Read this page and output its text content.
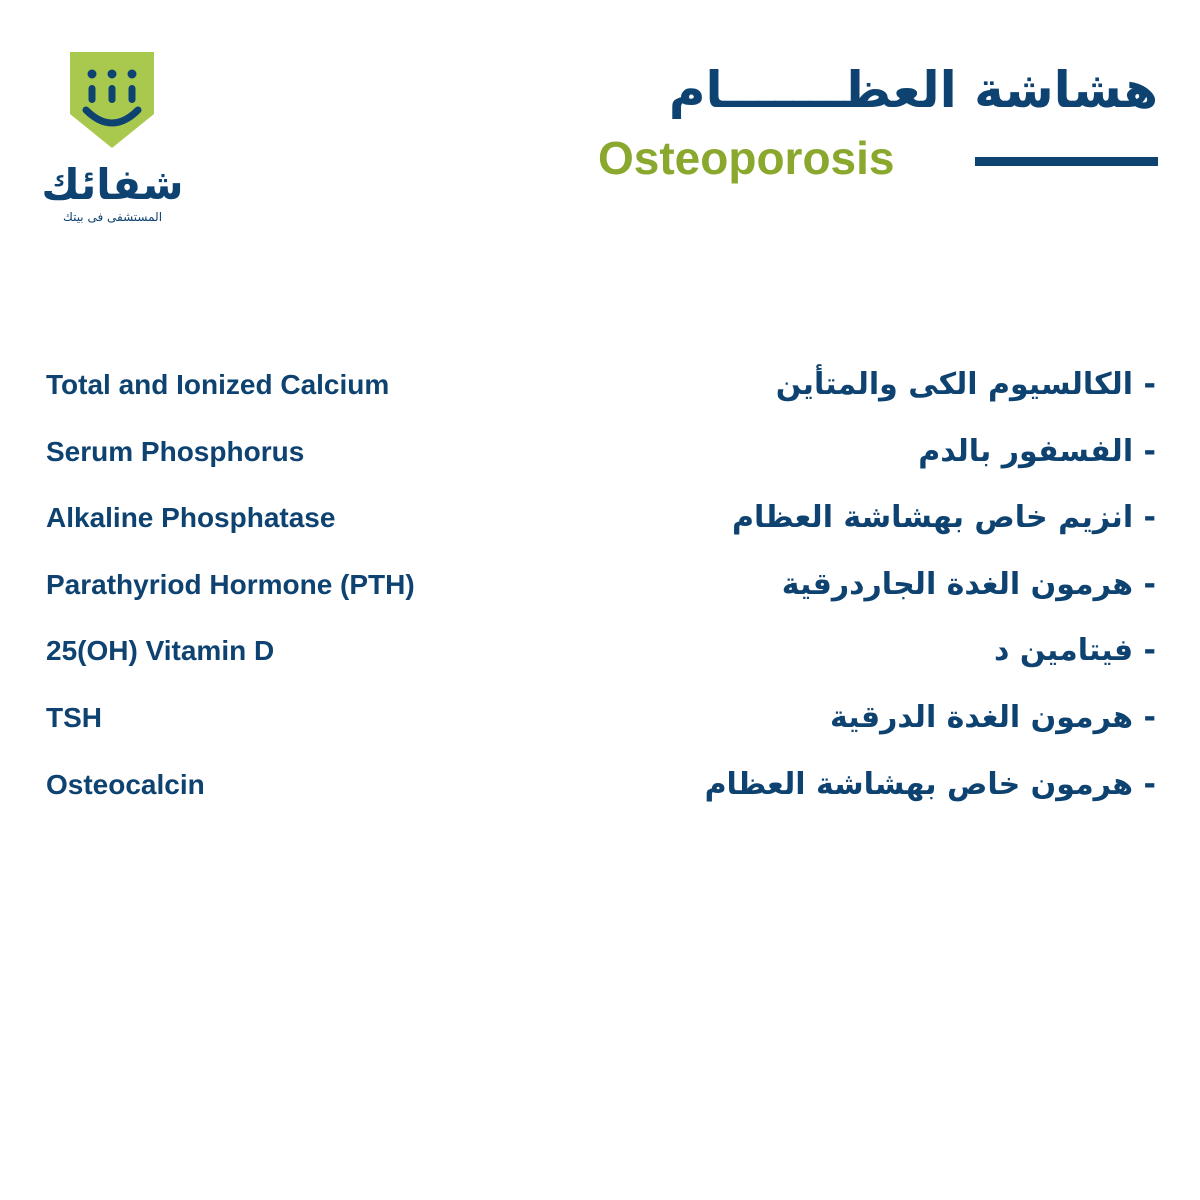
شفائك
المستشفى فى بيتك
هشاشة العظـــــــام
Osteoporosis
Total and Ionized Calcium	- الكالسيوم الكى والمتأين
Serum Phosphorus	- الفسفور بالدم
Alkaline Phosphatase	- انزيم خاص بهشاشة العظام
Parathyriod Hormone (PTH)	- هرمون الغدة الجاردرقية
25(OH) Vitamin D	- فيتامين د
TSH	- هرمون الغدة الدرقية
Osteocalcin	- هرمون خاص بهشاشة العظام
